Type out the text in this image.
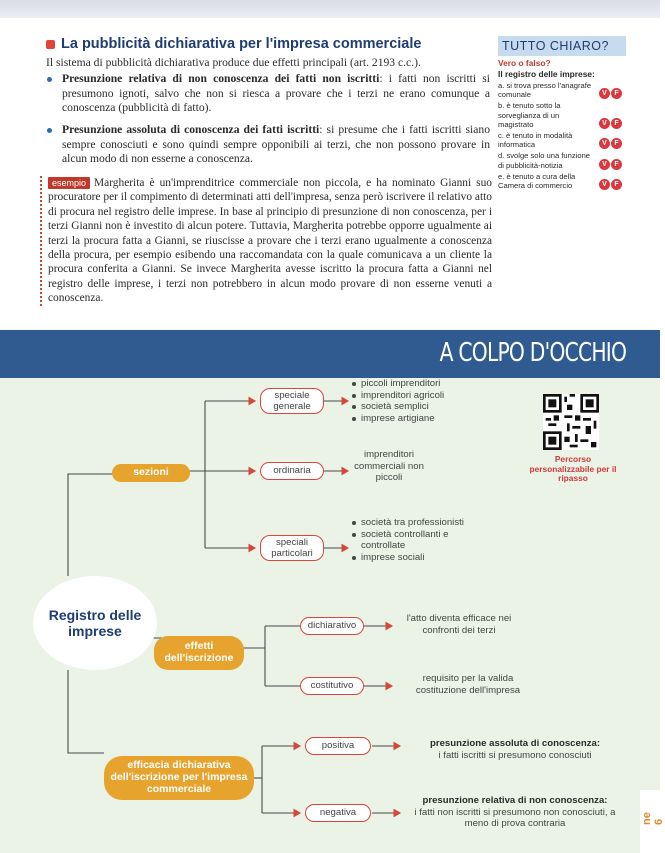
La pubblicità dichiarativa per l'impresa commerciale
Il sistema di pubblicità dichiarativa produce due effetti principali (art. 2193 c.c.).
Presunzione relativa di non conoscenza dei fatti non iscritti: i fatti non iscritti si presumono ignoti, salvo che non si riesca a provare che i terzi ne erano comunque a conoscenza (pubblicità di fatto).
Presunzione assoluta di conoscenza dei fatti iscritti: si presume che i fatti iscritti siano sempre conosciuti e sono quindi sempre opponibili ai terzi, che non possono provare in alcun modo di non esserne a conoscenza.
esempio Margherita è un'imprenditrice commerciale non piccola, e ha nominato Gianni suo procuratore per il compimento di determinati atti dell'impresa, senza però iscrivere il relativo atto di procura nel registro delle imprese. In base al principio di presunzione di non conoscenza, per i terzi Gianni non è investito di alcun potere. Tuttavia, Margherita potrebbe opporre ugualmente ai terzi la procura fatta a Gianni, se riuscisse a provare che i terzi erano ugualmente a conoscenza della procura, per esempio esibendo una raccomandata con la quale comunicava a un cliente la procura conferita a Gianni. Se invece Margherita avesse iscritto la procura fatta a Gianni nel registro delle imprese, i terzi non potrebbero in alcun modo provare di non esserne venuti a conoscenza.
TUTTO CHIARO?
Vero o falso?
Il registro delle imprese:
a. si trova presso l'anagrafe comunale	V	F
b. è tenuto sotto la sorveglianza di un magistrato	V	F
c. è tenuto in modalità informatica	V	F
d. svolge solo una funzione di pubblicità-notizia	V	F
e. è tenuto a cura della Camera di commercio	V	F
A COLPO D'OCCHIO
Registro delle imprese
sezioni
speciale generale
piccoli imprenditori
imprenditori agricoli
società semplici
imprese artigiane
ordinaria
imprenditori commerciali non piccoli
speciali particolari
società tra professionisti
società controllanti e controllate
imprese sociali
effetti dell'iscrizione
dichiarativo
l'atto diventa efficace nei confronti dei terzi
costitutivo
requisito per la valida costituzione dell'impresa
efficacia dichiarativa dell'iscrizione per l'impresa commerciale
positiva	presunzione assoluta di conoscenza:
i fatti iscritti si presumono conosciuti
negativa
presunzione relativa di non conoscenza:
i fatti non iscritti si presumono non conosciuti, a meno di prova contraria
Percorso personalizzabile per il ripasso
ne 6
